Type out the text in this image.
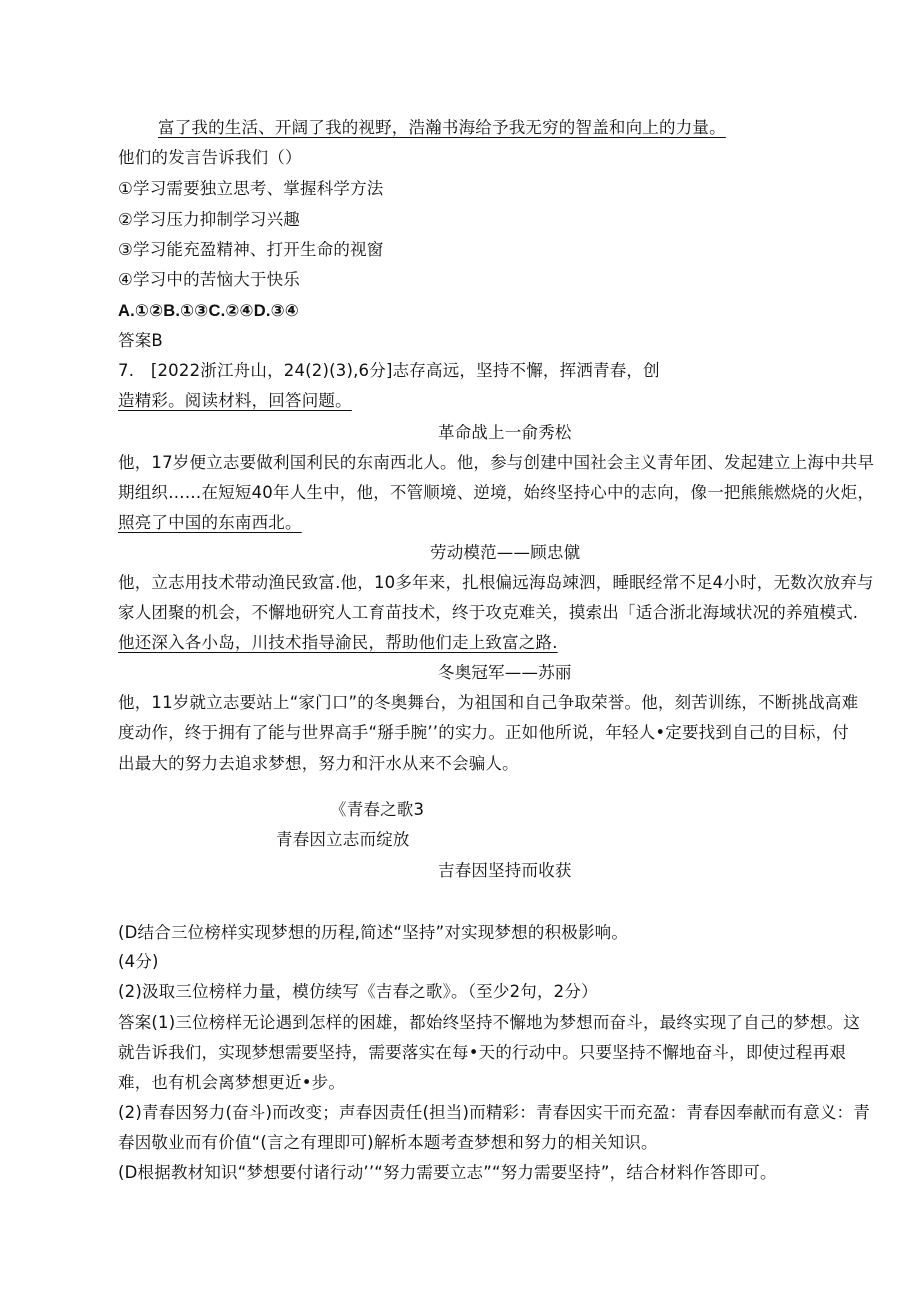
富了我的生活、开阔了我的视野，浩瀚书海给予我无穷的智盖和向上的力量。
他们的发言告诉我们（）
①学习需要独立思考、掌握科学方法
②学习压力抑制学习兴趣
③学习能充盈精神、打开生命的视窗
④学习中的苦恼大于快乐
A.①②B.①③C.②④D.③④
答案B
7.　[2022浙江舟山，24(2)(3),6分]志存高远，坚持不懈，挥洒青春，创
造精彩。阅读材料，回答问题。
革命战上一俞秀松
他，17岁便立志要做利国利民的东南西北人。他，参与创建中国社会主义青年团、发起建立上海中共早
期组织……在短短40年人生中，他，不管顺境、逆境，始终坚持心中的志向，像一把熊熊燃烧的火炬，
照亮了中国的东南西北。
劳动模范——顾忠僦
他，立志用技术带动渔民致富.他，10多年来，扎根偏远海岛竦泗，睡眠经常不足4小时，无数次放弃与
家人团聚的机会，不懈地研究人工育苗技术，终于攻克难关，摸索出「适合浙北海域状况的养殖模式.
他还深入各小岛，川技术指导渝民，帮助他们走上致富之路.
冬奥冠军——苏丽
他，11岁就立志要站上“家门口”的冬奥舞台，为祖国和自己争取荣誉。他，刻苦训练，不断挑战高难
度动作，终于拥有了能与世界高手“掰手腕’’的实力。正如他所说，年轻人•定要找到自己的目标，付
出最大的努力去追求梦想，努力和汗水从来不会骗人。
《青春之歌3
青春因立志而绽放
吉春因坚持而收获
(D结合三位榜样实现梦想的历程,简述“坚持”对实现梦想的积极影响。
(4分)
(2)汲取三位榜样力量，模仿续写《吉春之歌》。（至少2句，2分）
答案(1)三位榜样无论遇到怎样的困雄，都始终坚持不懈地为梦想而奋斗，最终实现了自己的梦想。这
就告诉我们，实现梦想需要坚持，需要落实在每•天的行动中。只要坚持不懈地奋斗，即使过程再艰
难，也有机会离梦想更近•步。
(2)青春因努力(奋斗)而改变；声春因责任(担当)而精彩：青春因实干而充盈：青春因奉献而有意义：青
春因敬业而有价值“(言之有理即可)解析本题考查梦想和努力的相关知识。
(D根据教材知识“梦想要付诸行动’’“努力需要立志”“努力需要坚持”，结合材料作答即可。
